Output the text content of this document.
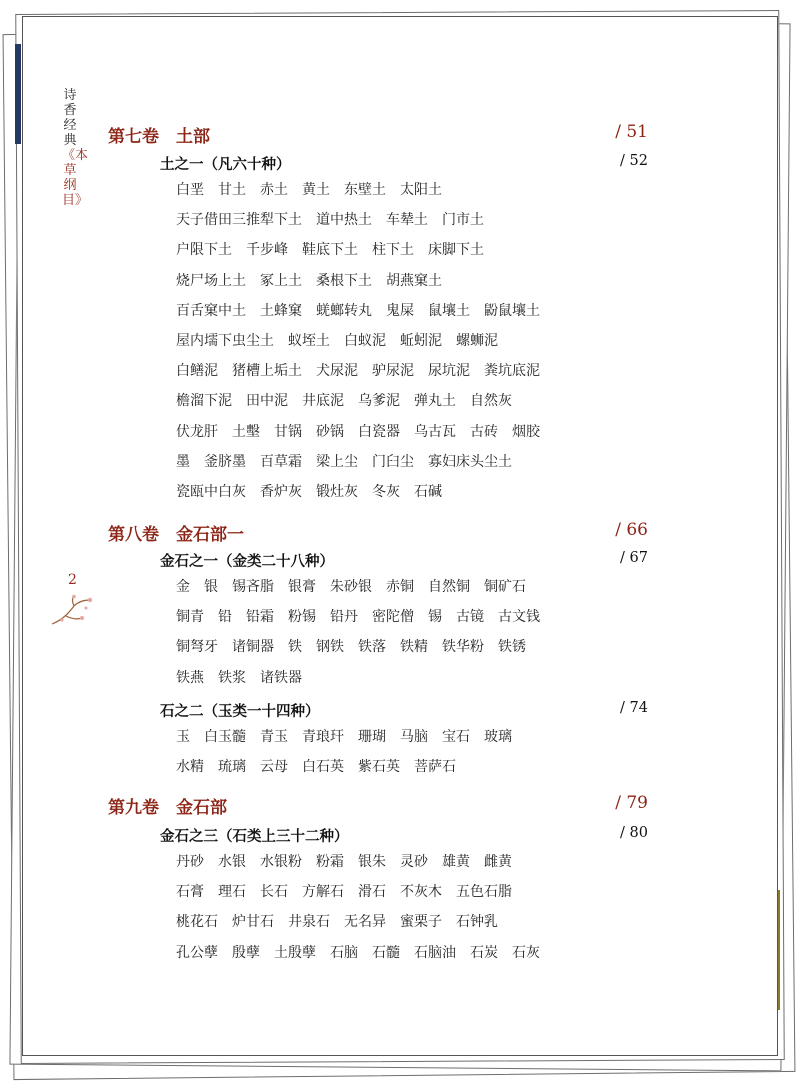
诗香经典《本草纲目》
2
第七卷　土部	/ 51
土之一（凡六十种）	/ 52
白垩 甘土 赤土 黄土 东壁土 太阳土
天子借田三推犁下土 道中热土 车辇土 门市土
户限下土 千步峰 鞋底下土 柱下土 床脚下土
烧尸场上土 冢上土 桑根下土 胡燕窠土
百舌窠中土 土蜂窠 蜣螂转丸 鬼屎 鼠壤土 鼢鼠壤土
屋内壖下虫尘土 蚁垤土 白蚁泥 蚯蚓泥 螺蛳泥
白鳝泥 猪槽上垢土 犬尿泥 驴尿泥 尿坑泥 粪坑底泥
檐溜下泥 田中泥 井底泥 乌爹泥 弹丸土 自然灰
伏龙肝 土墼 甘锅 砂锅 白瓷器 乌古瓦 古砖 烟胶
墨 釜脐墨 百草霜 梁上尘 门臼尘 寡妇床头尘土
瓷瓯中白灰 香炉灰 锻灶灰 冬灰 石碱
第八卷　金石部一	/ 66
金石之一（金类二十八种）	/ 67
金 银 锡吝脂 银膏 朱砂银 赤铜 自然铜 铜矿石
铜青 铅 铅霜 粉锡 铅丹 密陀僧 锡 古镜 古文钱
铜弩牙 诸铜器 铁 钢铁 铁落 铁精 铁华粉 铁锈
铁燕 铁浆 诸铁器
石之二（玉类一十四种）	/ 74
玉 白玉髓 青玉 青琅玕 珊瑚 马脑 宝石 玻璃
水精 琉璃 云母 白石英 紫石英 菩萨石
第九卷　金石部	/ 79
金石之三（石类上三十二种）	/ 80
丹砂 水银 水银粉 粉霜 银朱 灵砂 雄黄 雌黄
石膏 理石 长石 方解石 滑石 不灰木 五色石脂
桃花石 炉甘石 井泉石 无名异 蜜栗子 石钟乳
孔公孽 殷孽 土殷孽 石脑 石髓 石脑油 石炭 石灰
